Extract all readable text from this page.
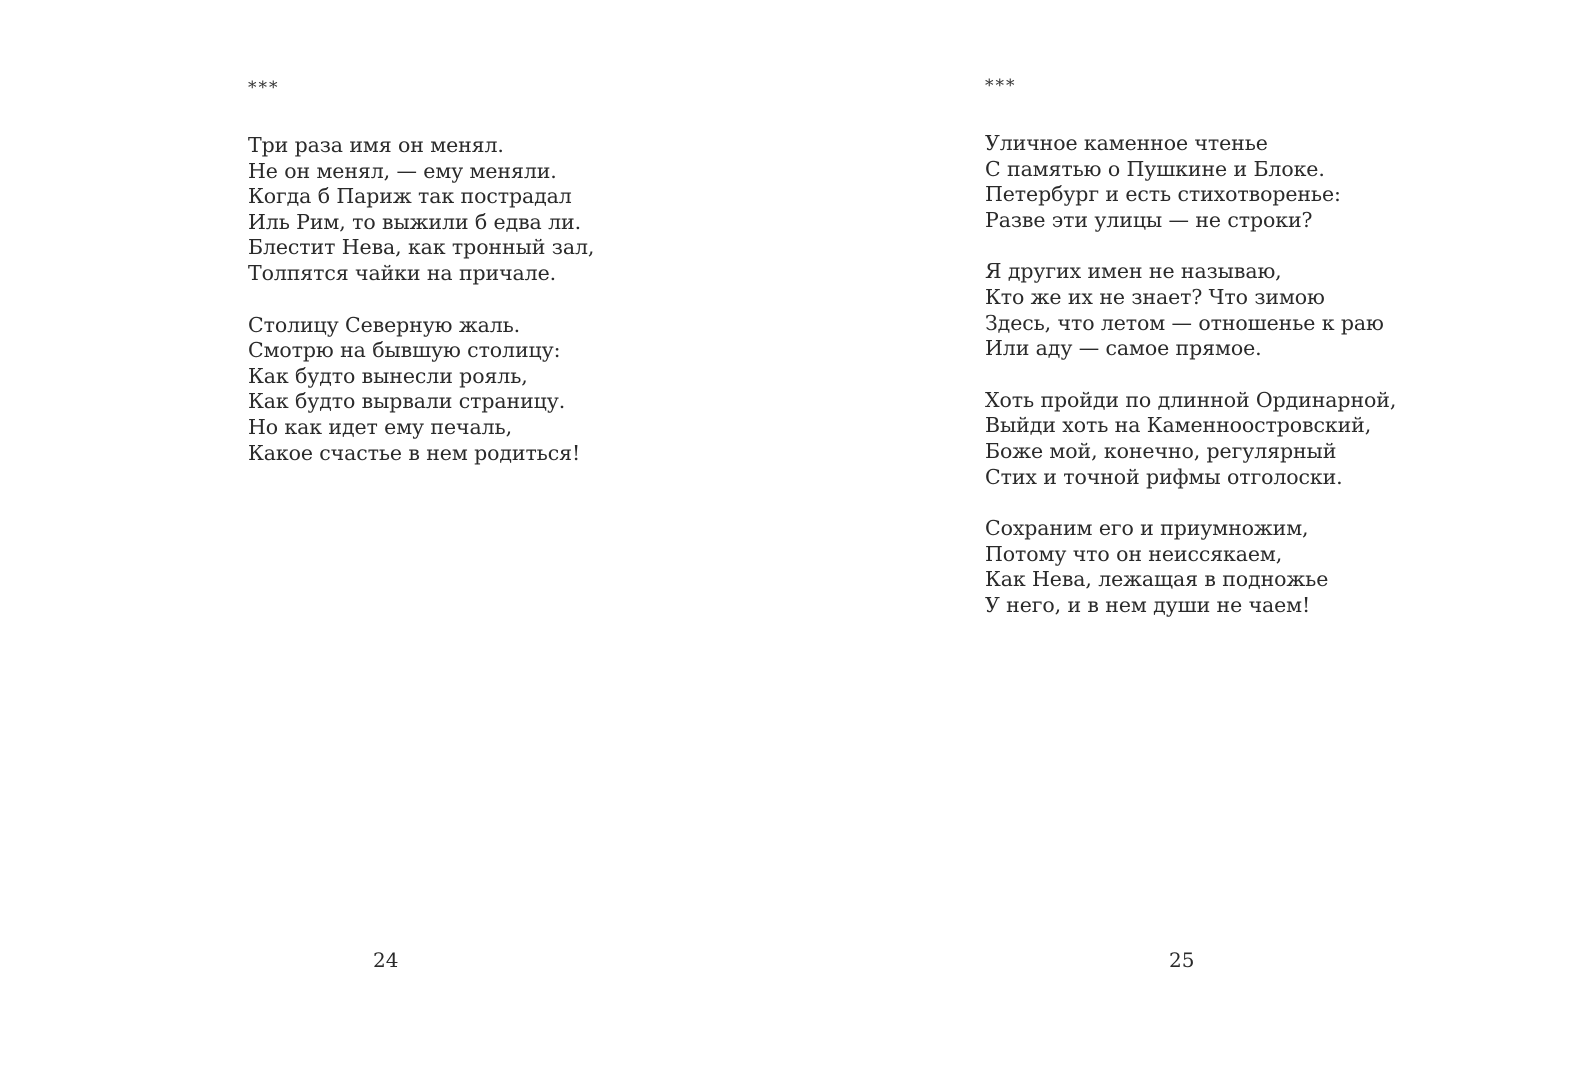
***
Три раза имя он менял.
Не он менял, — ему меняли.
Когда б Париж так пострадал
Иль Рим, то выжили б едва ли.
Блестит Нева, как тронный зал,
Толпятся чайки на причале.
Столицу Северную жаль.
Смотрю на бывшую столицу:
Как будто вынесли рояль,
Как будто вырвали страницу.
Но как идет ему печаль,
Какое счастье в нем родиться!
24
***
Уличное каменное чтенье
С памятью о Пушкине и Блоке.
Петербург и есть стихотворенье:
Разве эти улицы — не строки?
Я других имен не называю,
Кто же их не знает? Что зимою
Здесь, что летом — отношенье к раю
Или аду — самое прямое.
Хоть пройди по длинной Ординарной,
Выйди хоть на Каменноостровский,
Боже мой, конечно, регулярный
Стих и точной рифмы отголоски.
Сохраним его и приумножим,
Потому что он неиссякаем,
Как Нева, лежащая в подножье
У него, и в нем души не чаем!
25
